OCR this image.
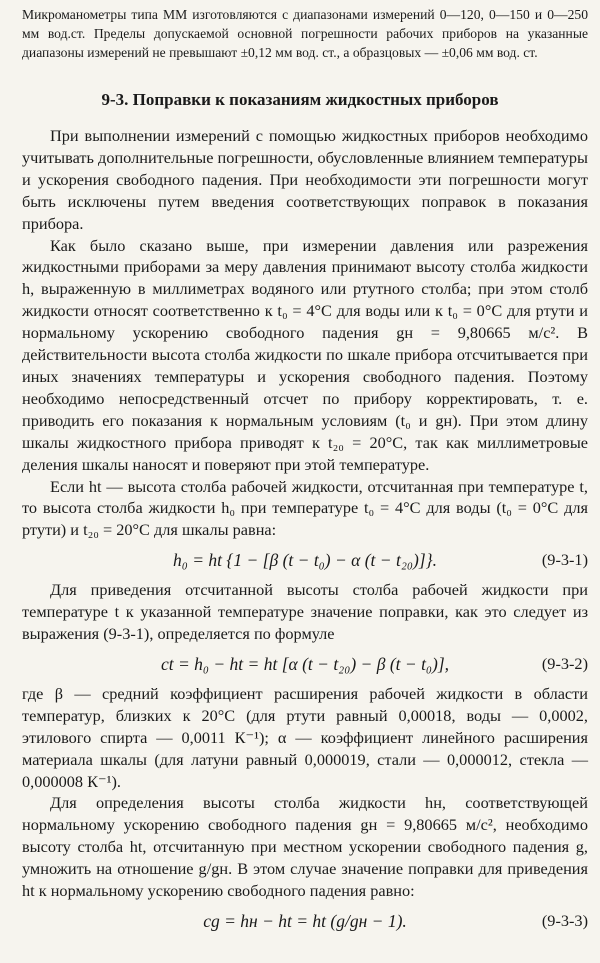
Микроманометры типа ММ изготовляются с диапазонами измерений 0—120, 0—150 и 0—250 мм вод.ст. Пределы допускаемой основной погрешности рабочих приборов на указанные диапазоны измерений не превышают ±0,12 мм вод. ст., а образцовых — ±0,06 мм вод. ст.
9-3. Поправки к показаниям жидкостных приборов

При выполнении измерений с помощью жидкостных приборов необходимо учитывать дополнительные погрешности, обусловленные влиянием температуры и ускорения свободного падения. При необходимости эти погрешности могут быть исключены путем введения соответствующих поправок в показания прибора.

Как было сказано выше, при измерении давления или разрежения жидкостными приборами за меру давления принимают высоту столба жидкости h, выраженную в миллиметрах водяного или ртутного столба; при этом столб жидкости относят соответственно к t₀ = 4°C для воды или к t₀ = 0°C для ртути и нормальному ускорению свободного падения gн = 9,80665 м/с². В действительности высота столба жидкости по шкале прибора отсчитывается при иных значениях температуры и ускорения свободного падения. Поэтому необходимо непосредственный отсчет по прибору корректировать, т. е. приводить его показания к нормальным условиям (t₀ и gн). При этом длину шкалы жидкостного прибора приводят к t₂₀ = 20°C, так как миллиметровые деления шкалы наносят и поверяют при этой температуре.

Если ht — высота столба рабочей жидкости, отсчитанная при температуре t, то высота столба жидкости h₀ при температуре t₀ = 4°C для воды (t₀ = 0°C для ртути) и t₂₀ = 20°C для шкалы равна:

h₀ = ht {1 − [β (t − t₀) − α (t − t₂₀)]}.	(9-3-1)

Для приведения отсчитанной высоты столба рабочей жидкости при температуре t к указанной температуре значение поправки, как это следует из выражения (9-3-1), определяется по формуле

ct = h₀ − ht = ht [α (t − t₂₀) − β (t − t₀)],	(9-3-2)

где β — средний коэффициент расширения рабочей жидкости в области температур, близких к 20°C (для ртути равный 0,00018, воды — 0,0002, этилового спирта — 0,0011 К⁻¹); α — коэффициент линейного расширения материала шкалы (для латуни равный 0,000019, стали — 0,000012, стекла — 0,000008 К⁻¹).

Для определения высоты столба жидкости hн, соответствующей нормальному ускорению свободного падения gн = 9,80665 м/с², необходимо высоту столба ht, отсчитанную при местном ускорении свободного падения g, умножить на отношение g/gн. В этом случае значение поправки для приведения ht к нормальному ускорению свободного падения равно:

cg = hн − ht = ht (g/gн − 1).	(9-3-3)
